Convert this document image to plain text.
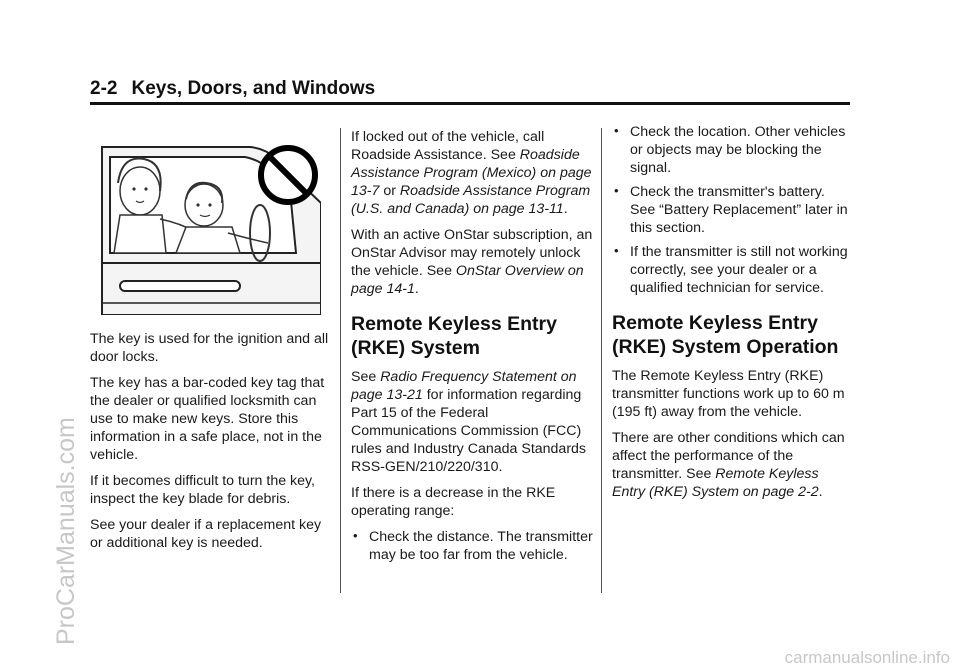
2-2 Keys, Doors, and Windows

The key is used for the ignition and all door locks.

The key has a bar-coded key tag that the dealer or qualified locksmith can use to make new keys. Store this information in a safe place, not in the vehicle.

If it becomes difficult to turn the key, inspect the key blade for debris.

See your dealer if a replacement key or additional key is needed.

If locked out of the vehicle, call Roadside Assistance. See Roadside Assistance Program (Mexico) on page 13-7 or Roadside Assistance Program (U.S. and Canada) on page 13-11.

With an active OnStar subscription, an OnStar Advisor may remotely unlock the vehicle. See OnStar Overview on page 14-1.

Remote Keyless Entry (RKE) System

See Radio Frequency Statement on page 13-21 for information regarding Part 15 of the Federal Communications Commission (FCC) rules and Industry Canada Standards RSS-GEN/210/220/310.

If there is a decrease in the RKE operating range:

• Check the distance. The transmitter may be too far from the vehicle.
• Check the location. Other vehicles or objects may be blocking the signal.
• Check the transmitter's battery. See “Battery Replacement” later in this section.
• If the transmitter is still not working correctly, see your dealer or a qualified technician for service.
Remote Keyless Entry (RKE) System Operation

The Remote Keyless Entry (RKE) transmitter functions work up to 60 m (195 ft) away from the vehicle.

There are other conditions which can affect the performance of the transmitter. See Remote Keyless Entry (RKE) System on page 2-2.

ProCarManuals.com
carmanualsonline.info
